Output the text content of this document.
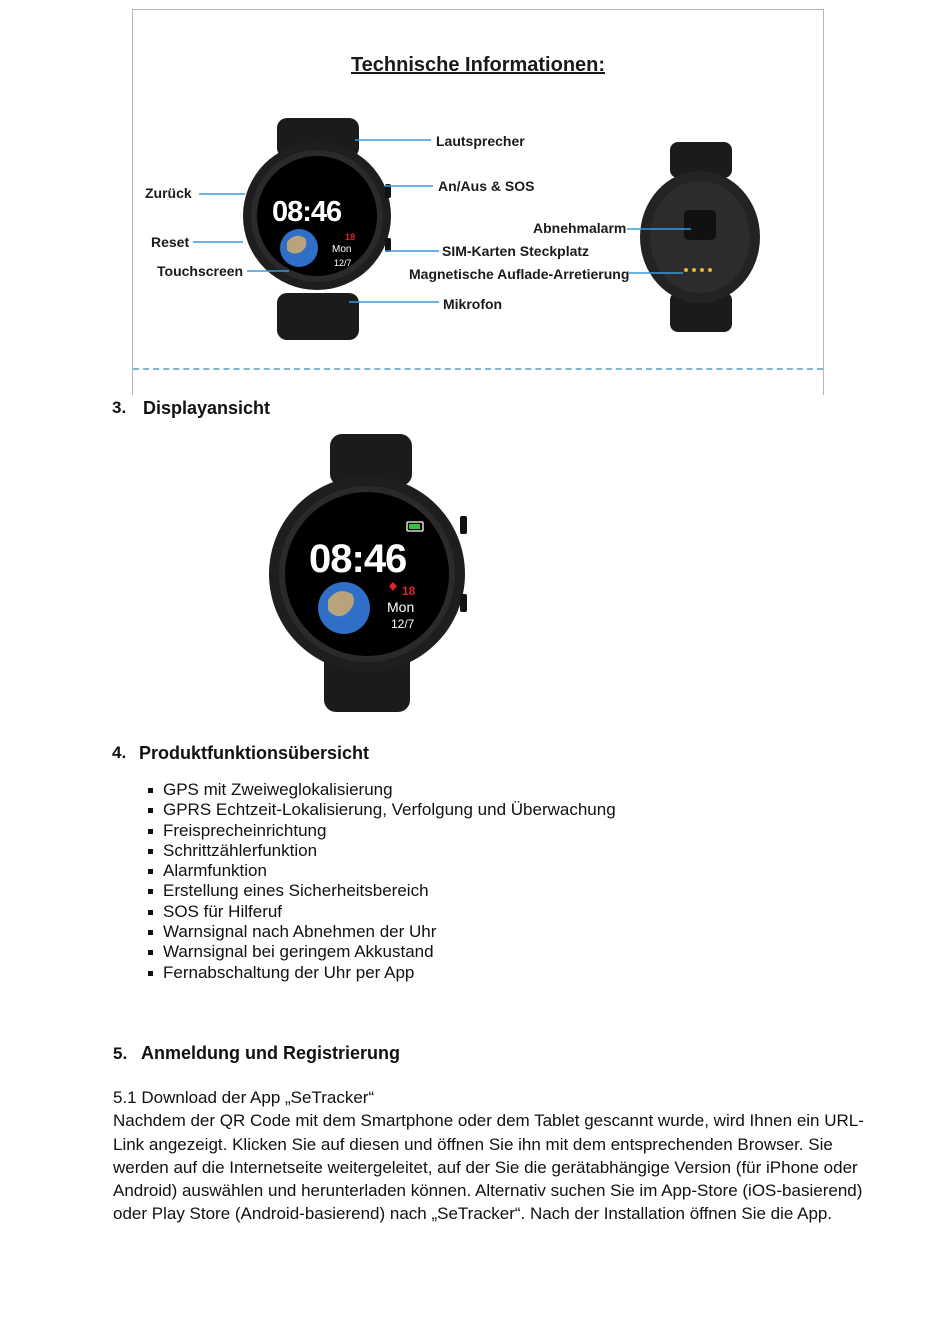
Technische Informationen:
08:46
18
Mon
12/7
Zurück
Reset
Touchscreen
Lautsprecher
An/Aus & SOS
Abnehmalarm
SIM-Karten Steckplatz
Magnetische Auflade-Arretierung
Mikrofon
3. Displayansicht
08:46
18
Mon
12/7
4. Produktfunktionsübersicht
GPS mit Zweiweglokalisierung
GPRS Echtzeit-Lokalisierung, Verfolgung und Überwachung
Freisprecheinrichtung
Schrittzählerfunktion
Alarmfunktion
Erstellung eines Sicherheitsbereich
SOS für Hilferuf
Warnsignal nach Abnehmen der Uhr
Warnsignal bei geringem Akkustand
Fernabschaltung der Uhr per App
5. Anmeldung und Registrierung

5.1 Download der App „SeTracker“

Nachdem der QR Code mit dem Smartphone oder dem Tablet gescannt wurde, wird Ihnen ein URL-Link angezeigt. Klicken Sie auf diesen und öffnen Sie ihn mit dem entsprechenden Browser. Sie werden auf die Internetseite weitergeleitet, auf der Sie die gerätabhängige Version (für iPhone oder Android) auswählen und herunterladen können. Alternativ suchen Sie im App-Store (iOS-basierend) oder Play Store (Android-basierend) nach „SeTracker“. Nach der Installation öffnen Sie die App.
